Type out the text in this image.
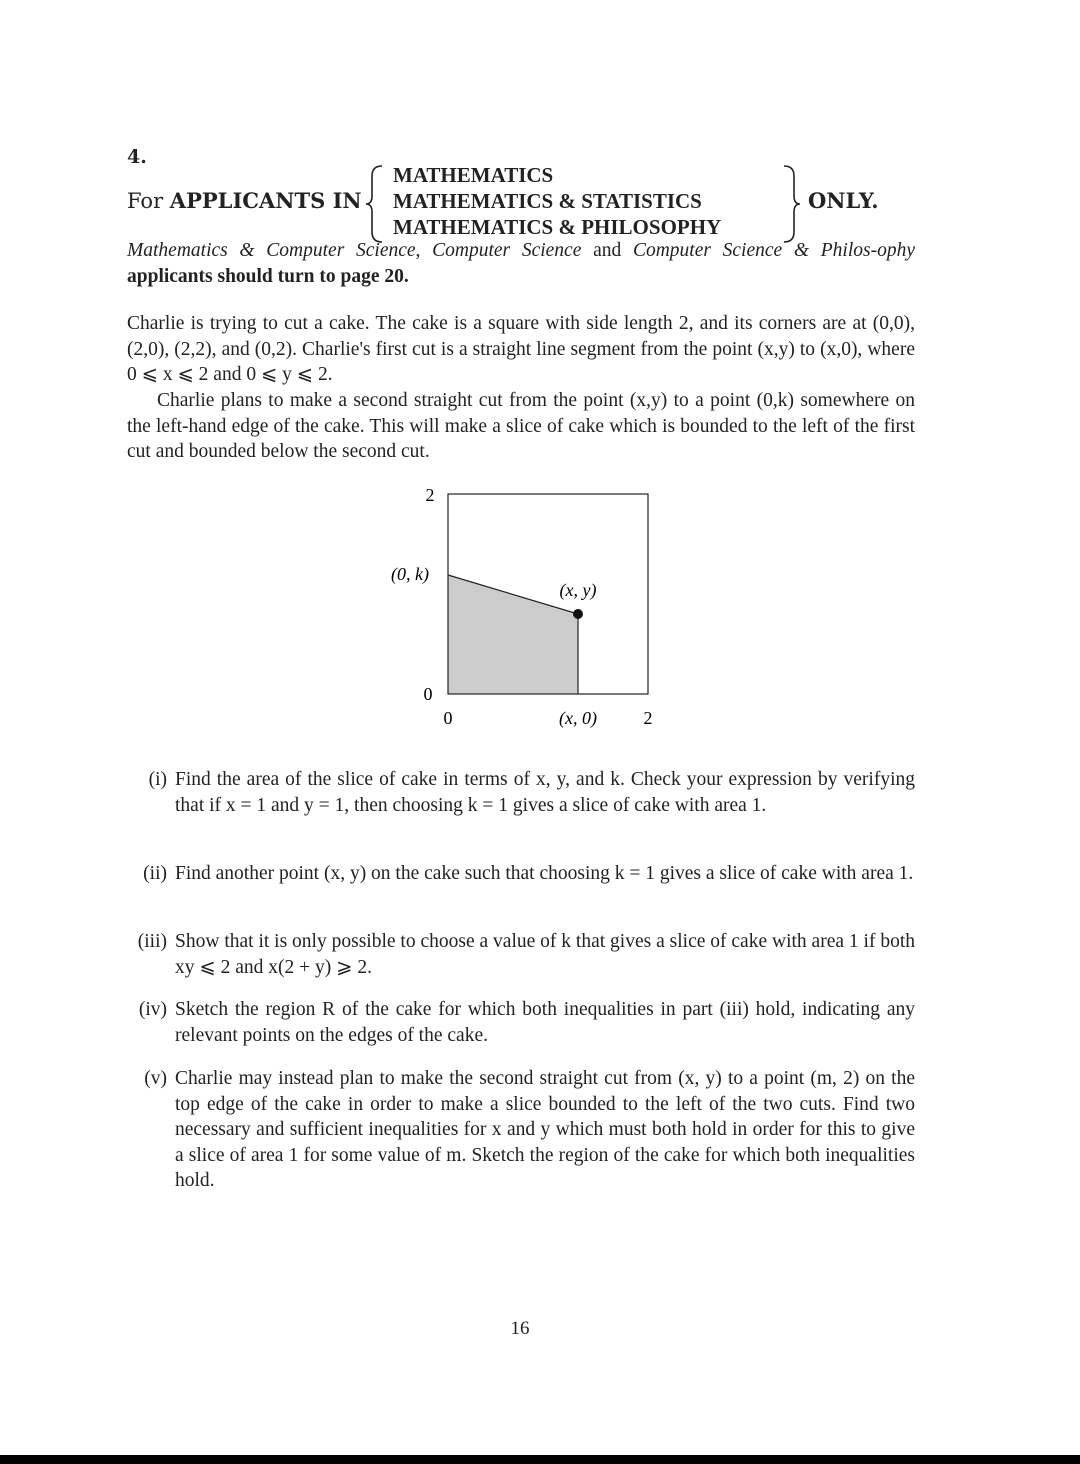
4.
For APPLICANTS IN
MATHEMATICS
MATHEMATICS & STATISTICS
MATHEMATICS & PHILOSOPHY
ONLY.
Mathematics & Computer Science, Computer Science and Computer Science & Philos-ophy applicants should turn to page 20.
Charlie is trying to cut a cake. The cake is a square with side length 2, and its corners are at (0,0), (2,0), (2,2), and (0,2). Charlie's first cut is a straight line segment from the point (x,y) to (x,0), where 0 ⩽ x ⩽ 2 and 0 ⩽ y ⩽ 2.
Charlie plans to make a second straight cut from the point (x,y) to a point (0,k) somewhere on the left-hand edge of the cake. This will make a slice of cake which is bounded to the left of the first cut and bounded below the second cut.
2
(0, k)
(x, y)
0
0	(x, 0)	2
(i) Find the area of the slice of cake in terms of x, y, and k. Check your expression by verifying that if x = 1 and y = 1, then choosing k = 1 gives a slice of cake with area 1.
(ii) Find another point (x, y) on the cake such that choosing k = 1 gives a slice of cake with area 1.
(iii) Show that it is only possible to choose a value of k that gives a slice of cake with area 1 if both xy ⩽ 2 and x(2 + y) ⩾ 2.
(iv) Sketch the region R of the cake for which both inequalities in part (iii) hold, indicating any relevant points on the edges of the cake.
(v) Charlie may instead plan to make the second straight cut from (x, y) to a point (m, 2) on the top edge of the cake in order to make a slice bounded to the left of the two cuts. Find two necessary and sufficient inequalities for x and y which must both hold in order for this to give a slice of area 1 for some value of m. Sketch the region of the cake for which both inequalities hold.
16
